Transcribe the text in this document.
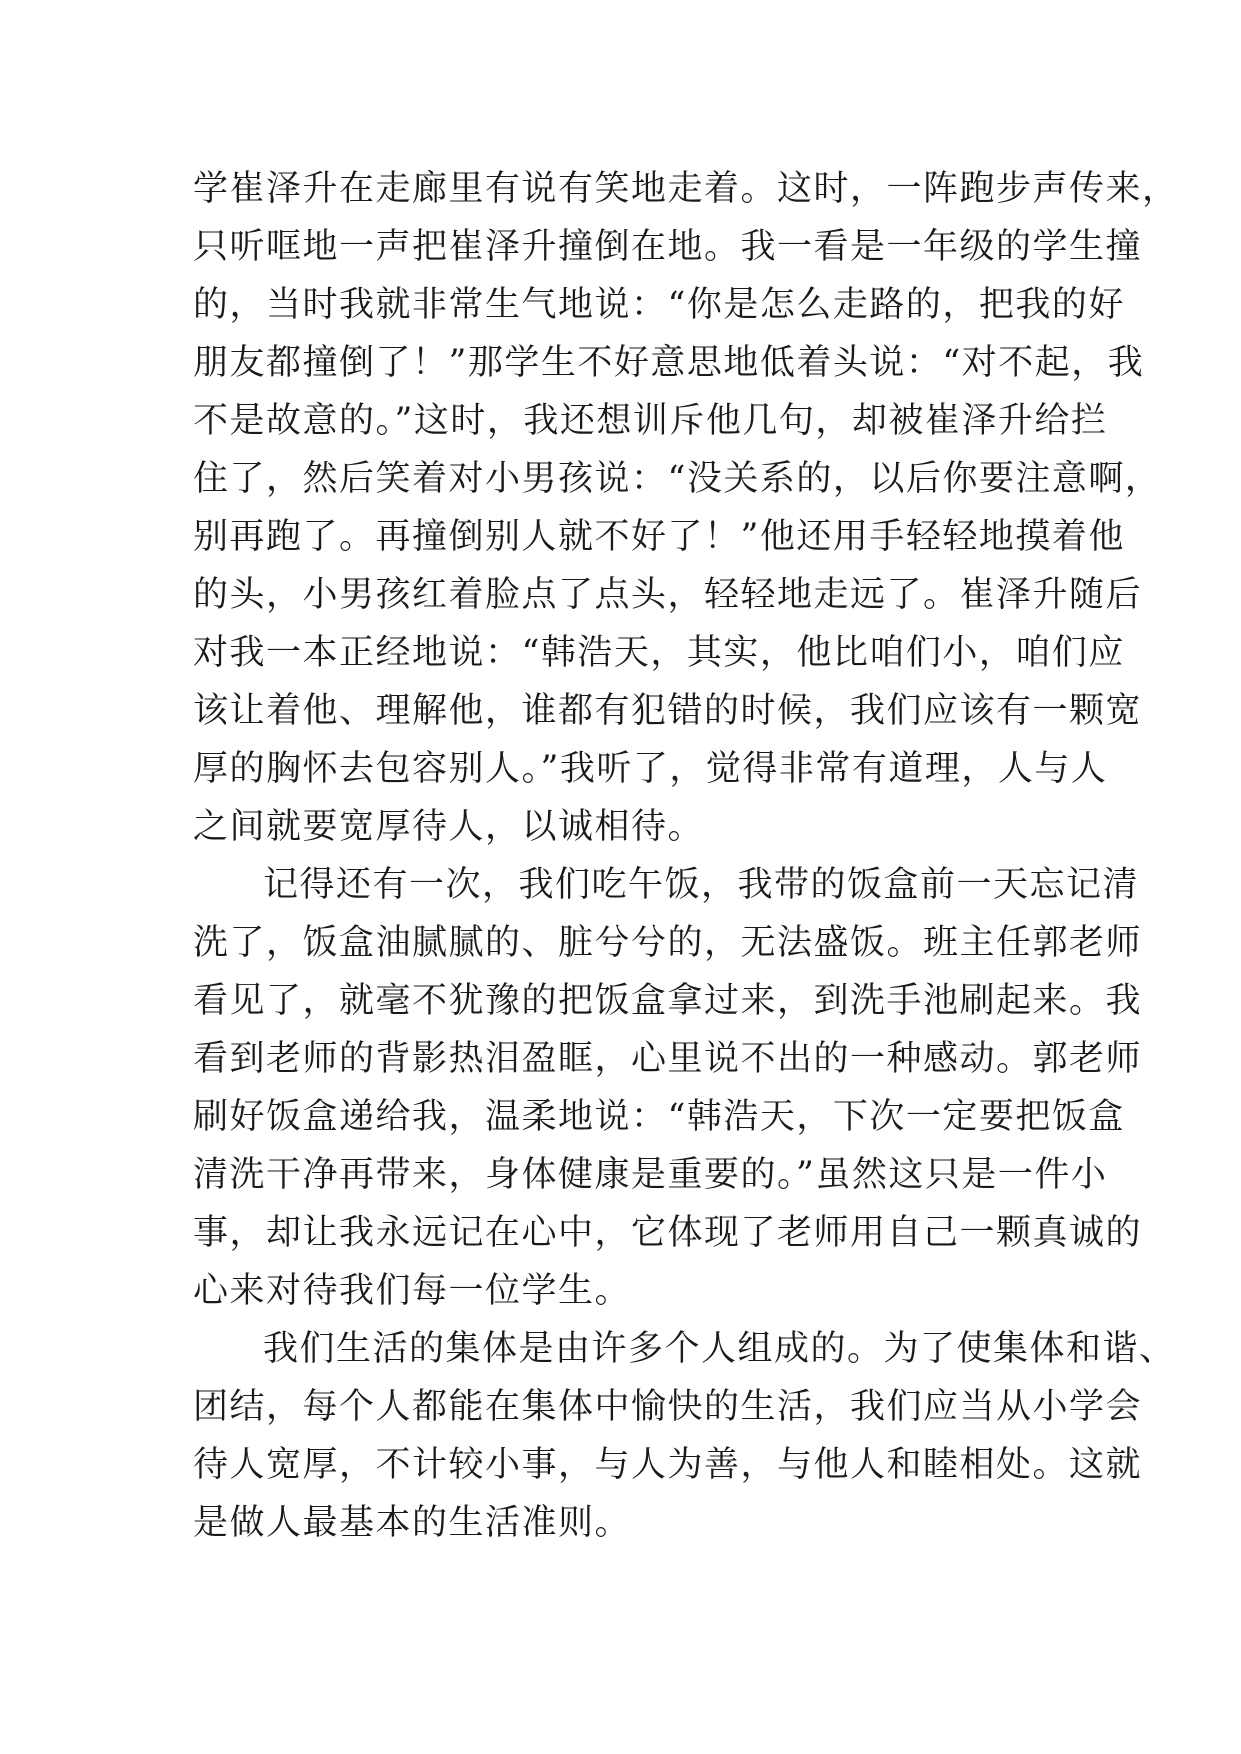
学崔泽升在走廊里有说有笑地走着。这时，一阵跑步声传来，
只听哐地一声把崔泽升撞倒在地。我一看是一年级的学生撞
的，当时我就非常生气地说：“你是怎么走路的，把我的好
朋友都撞倒了！”那学生不好意思地低着头说：“对不起，我
不是故意的。”这时，我还想训斥他几句，却被崔泽升给拦
住了，然后笑着对小男孩说：“没关系的，以后你要注意啊，
别再跑了。再撞倒别人就不好了！”他还用手轻轻地摸着他
的头，小男孩红着脸点了点头，轻轻地走远了。崔泽升随后
对我一本正经地说：“韩浩天，其实，他比咱们小，咱们应
该让着他、理解他，谁都有犯错的时候，我们应该有一颗宽
厚的胸怀去包容别人。”我听了，觉得非常有道理，人与人
之间就要宽厚待人，以诚相待。
记得还有一次，我们吃午饭，我带的饭盒前一天忘记清
洗了，饭盒油腻腻的、脏兮兮的，无法盛饭。班主任郭老师
看见了，就毫不犹豫的把饭盒拿过来，到洗手池刷起来。我
看到老师的背影热泪盈眶，心里说不出的一种感动。郭老师
刷好饭盒递给我，温柔地说：“韩浩天，下次一定要把饭盒
清洗干净再带来，身体健康是重要的。”虽然这只是一件小
事，却让我永远记在心中，它体现了老师用自己一颗真诚的
心来对待我们每一位学生。
我们生活的集体是由许多个人组成的。为了使集体和谐、
团结，每个人都能在集体中愉快的生活，我们应当从小学会
待人宽厚，不计较小事，与人为善，与他人和睦相处。这就
是做人最基本的生活准则。
